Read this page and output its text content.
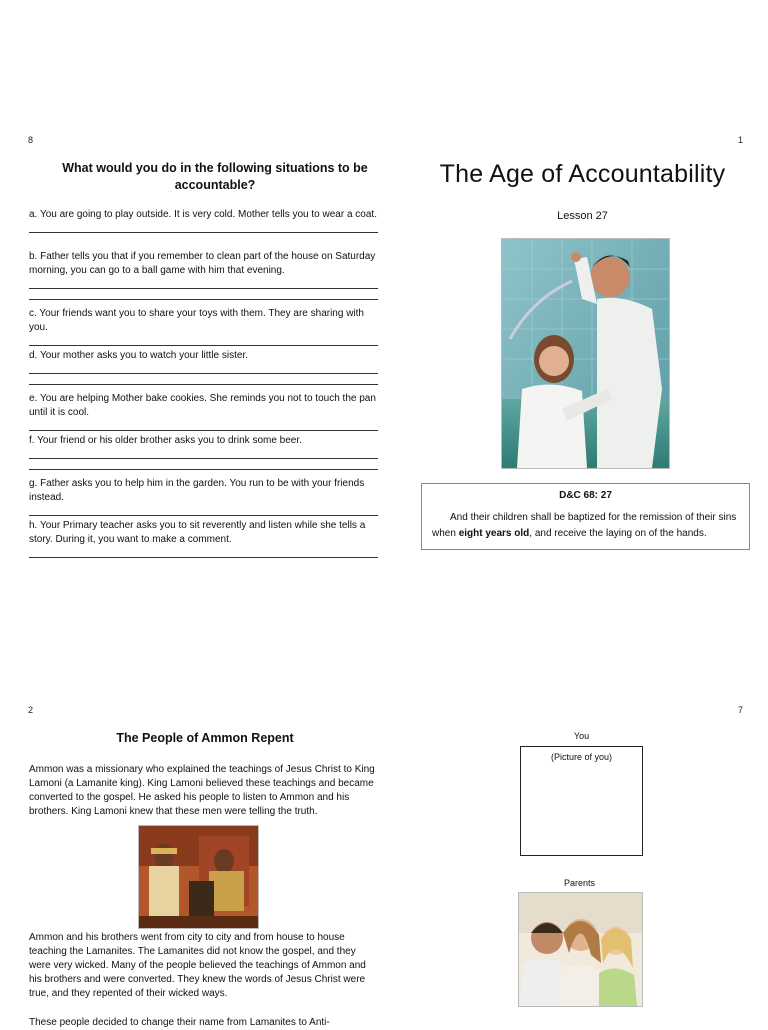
8	1
2	7
What would you do in the following situations to be accountable?
a. You are going to play outside. It is very cold. Mother tells you to wear a coat.
b. Father tells you that if you remember to clean part of the house on Saturday morning, you can go to a ball game with him that evening.
c. Your friends want you to share your toys with them. They are sharing with you.
d. Your mother asks you to watch your little sister.
e. You are helping Mother bake cookies. She reminds you not to touch the pan until it is cool.
f. Your friend or his older brother asks you to drink some beer.
g. Father asks you to help him in the garden. You run to be with your friends instead.
h. Your Primary teacher asks you to sit reverently and listen while she tells a story. During it, you want to make a comment.
The Age of Accountability
Lesson 27
D&C 68: 27
And their children shall be baptized for the remission of their sins when eight years old, and receive the laying on of the hands.
The People of Ammon Repent
Ammon was a missionary who explained the teachings of Jesus Christ to King Lamoni (a Lamanite king). King Lamoni believed these teachings and became converted to the gospel. He asked his people to listen to Ammon and his brothers. King Lamoni knew that these men were telling the truth.
Ammon and his brothers went from city to city and from house to house teaching the Lamanites. The Lamanites did not know the gospel, and they were very wicked. Many of the people believed the teachings of Ammon and his brothers and were converted. They knew the words of Jesus Christ were true, and they repented of their wicked ways.
These people decided to change their name from Lamanites to Anti-
You
(Picture of you)
Parents
